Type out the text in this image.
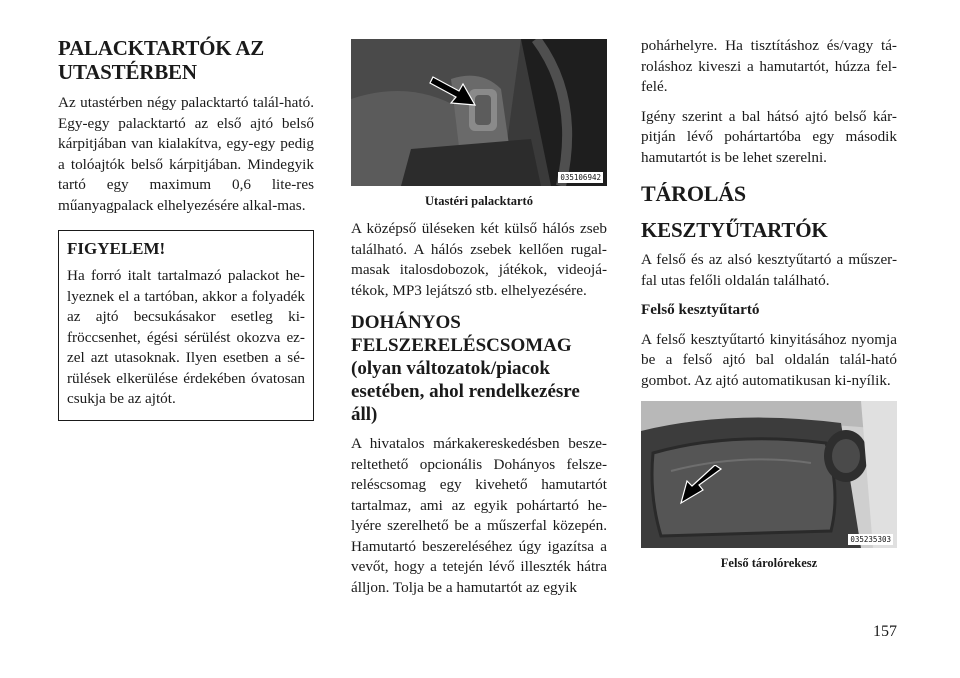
PALACKTARTÓK AZ
UTASTÉRBEN

Az utastérben négy palacktartó talál-ható. Egy-egy palacktartó az első ajtó belső kárpitjában van kialakítva, egy-egy pedig a tolóajtók belső kárpitjában. Mindegyik tartó egy maximum 0,6 lite-res műanyagpalack elhelyezésére alkal-mas.

FIGYELEM!

Ha forró italt tartalmazó palackot he-lyeznek el a tartóban, akkor a folyadék az ajtó becsukásakor esetleg ki-fröccsenhet, égési sérülést okozva ez-zel azt utasoknak. Ilyen esetben a sé-rülések elkerülése érdekében óvatosan csukja be az ajtót.

035106942
Utastéri palacktartó

A középső üléseken két külső hálós zseb található. A hálós zsebek kellően rugal-masak italosdobozok, játékok, videojá-tékok, MP3 lejátszó stb. elhelyezésére.

DOHÁNYOS
FELSZERELÉSCSOMAG
(olyan változatok/piacok
esetében, ahol rendelkezésre
áll)

A hivatalos márkakereskedésben besze-reltethető opcionális Dohányos felsze-reléscsomag egy kivehető hamutartót tartalmaz, ami az egyik pohártartó he-lyére szerelhető be a műszerfal közepén. Hamutartó beszereléséhez úgy igazítsa a vevőt, hogy a tetején lévő illeszték hátra álljon. Tolja be a hamutartót az egyik

pohárhelyre. Ha tisztításhoz és/vagy tá-roláshoz kiveszi a hamutartót, húzza fel-felé.

Igény szerint a bal hátsó ajtó belső kár-pitján lévő pohártartóba egy második hamutartót is be lehet szerelni.

TÁROLÁS
KESZTYŰTARTÓK

A felső és az alsó kesztyűtartó a műszer-fal utas felőli oldalán található.

Felső kesztyűtartó

A felső kesztyűtartó kinyitásához nyomja be a felső ajtó bal oldalán talál-ható gombot. Az ajtó automatikusan ki-nyílik.

035235303
Felső tárolórekesz
157
